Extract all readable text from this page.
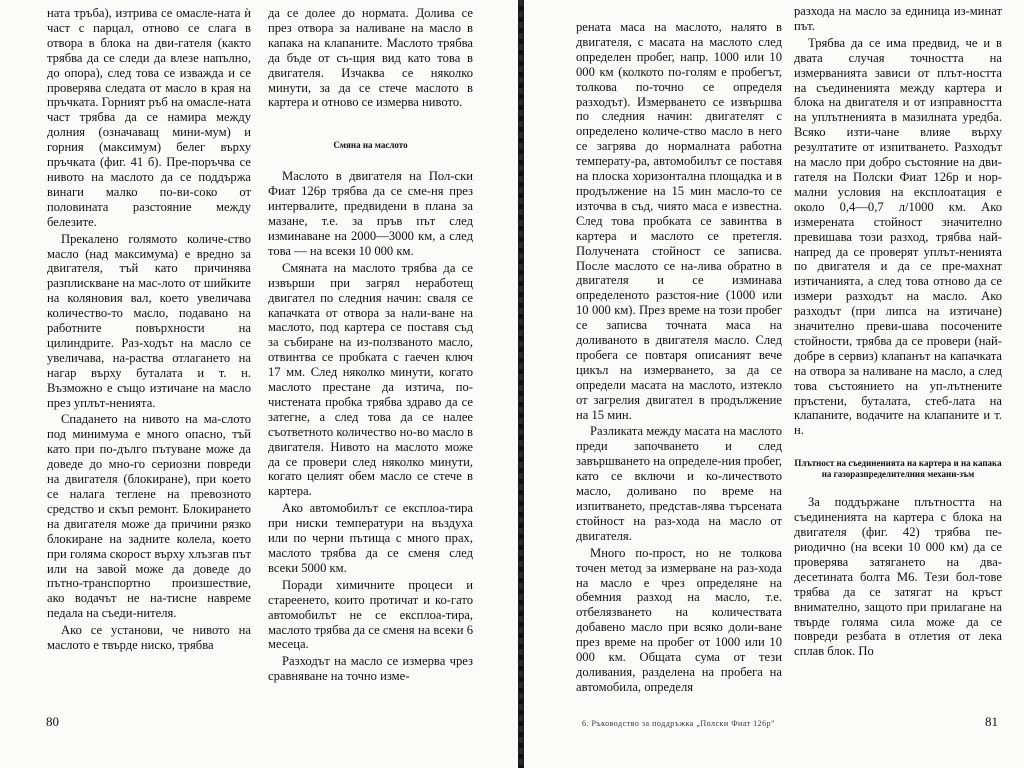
ната тръба), изтрива се омасле-ната ѝ част с парцал, отново се слага в отвора в блока на дви-гателя (както трябва да се следи да влезе напълно, до опора), след това се изважда и се проверява следата от масло в края на пръчката. Горният ръб на омасле-ната част трябва да се намира между долния (означаващ мини-мум) и горния (максимум) белег върху пръчката (фиг. 41 б). Пре-поръчва се нивото на маслото да се поддържа винаги малко по-ви-соко от половината разстояние между белезите.

Прекалено голямото количе-ство масло (над максимума) е вредно за двигателя, тъй като причинява разплискване на мас-лото от шийките на коляновия вал, което увеличава количество-то масло, подавано на работните повърхности на цилиндрите. Раз-ходът на масло се увеличава, на-раства отлагането на нагар върху буталата и т. н. Възможно е също изтичане на масло през уплът-ненията.

Спадането на нивото на ма-слото под минимума е много опасно, тъй като при по-дълго пътуване може да доведе до мно-го сериозни повреди на двигателя (блокиране), при което се налага теглене на превозното средство и скъп ремонт. Блокирането на двигателя може да причини рязко блокиране на задните колела, което при голяма скорост върху хлъзгав път или на завой може да доведе до пътно-транспортно произшествие, ако водачът не на-тисне навреме педала на съеди-нителя.

Ако се установи, че нивото на маслото е твърде ниско, трябва

да се долее до нормата. Долива се през отвора за наливане на масло в капака на клапаните. Маслото трябва да бъде от съ-щия вид като това в двигателя. Изчаква се няколко минути, за да се стече маслото в картера и отново се измерва нивото.

Смяна на маслото

Маслото в двигателя на Пол-ски Фиат 126р трябва да се сме-ня през интервалите, предвидени в плана за мазане, т.е. за пръв път след изминаване на 2000—3000 км, а след това — на всеки 10 000 км.

Смяната на маслото трябва да се извърши при загрял неработещ двигател по следния начин: сваля се капачката от отвора за нали-ване на маслото, под картера се поставя съд за събиране на из-ползваното масло, отвинтва се пробката с гаечен ключ 17 мм. След няколко минути, когато маслото престане да изтича, по-чистената пробка трябва здраво да се затегне, а след това да се налее съответното количество но-во масло в двигателя. Нивото на маслото може да се провери след няколко минути, когато целият обем масло се стече в картера.

Ако автомобилът се експлоа-тира при ниски температури на въздуха или по черни пътища с много прах, маслото трябва да се сменя след всеки 5000 км.

Поради химичните процеси и стареенето, които протичат и ко-гато автомобилът не се експлоа-тира, маслото трябва да се сменя на всеки 6 месеца.

Разходът на масло се измерва чрез сравняване на точно изме-

80

рената маса на маслото, налято в двигателя, с масата на маслото след определен пробег, напр. 1000 или 10 000 км (колкото по-голям е пробегът, толкова по-точно се определя разходът). Измерването се извършва по следния начин: двигателят с определено количе-ство масло в него се загрява до нормалната работна температу-ра, автомобилът се поставя на плоска хоризонтална площадка и в продължение на 15 мин масло-то се източва в съд, чиято маса е известна. След това пробката се завинтва в картера и маслото се претегля. Получената стойност се записва. После маслото се на-лива обратно в двигателя и се изминава определеното разстоя-ние (1000 или 10 000 км). През време на този пробег се записва точната маса на доливаното в двигателя масло. След пробега се повтаря описаният вече цикъл на измерването, за да се определи масата на маслото, изтекло от загрелия двигател в продължение на 15 мин.

Разликата между масата на маслото преди започването и след завършването на определе-ния пробег, като се включи и ко-личеството масло, доливано по време на изпитването, представ-лява търсената стойност на раз-хода на масло от двигателя.

Много по-прост, но не толкова точен метод за измерване на раз-хода на масло е чрез определяне на обемния разход на масло, т.е. отбелязването на количествата добавено масло при всяко доли-ване през време на пробег от 1000 или 10 000 км. Общата сума от тези доливания, разделена на пробега на автомобила, определя

разхода на масло за единица из-минат път.

Трябва да се има предвид, че и в двата случая точността на измерванията зависи от плът-ността на съединенията между картера и блока на двигателя и от изправността на уплътненията в мазилната уредба. Всяко изти-чане влияе върху резултатите от изпитването. Разходът на масло при добро състояние на дви-гателя на Полски Фиат 126р и нор-мални условия на експлоатация е около 0,4—0,7 л/1000 км. Ако измерената стойност значително превишава този разход, трябва най-напред да се проверят уплът-ненията по двигателя и да се пре-махнат изтичанията, а след това отново да се измери разходът на масло. Ако разходът (при липса на изтичане) значително преви-шава посочените стойности, трябва да се провери (най-добре в сервиз) клапанът на капачката на отвора за наливане на масло, а след това състоянието на уп-лътнените пръстени, буталата, стеб-лата на клапаните, водачите на клапаните и т. н.

Плътност на съединенията на картера и на капака на газоразпределителния механи-зъм

За поддържане плътността на съединенията на картера с блока на двигателя (фиг. 42) трябва пе-риодично (на всеки 10 000 км) да се проверява затягането на два-десетината болта М6. Тези бол-тове трябва да се затягат на кръст внимателно, защото при прилагане на твърде голяма сила може да се повреди резбата в отлетия от лека сплав блок. По

6. Ръководство за поддръжка „Полски Фиат 126р"	81
